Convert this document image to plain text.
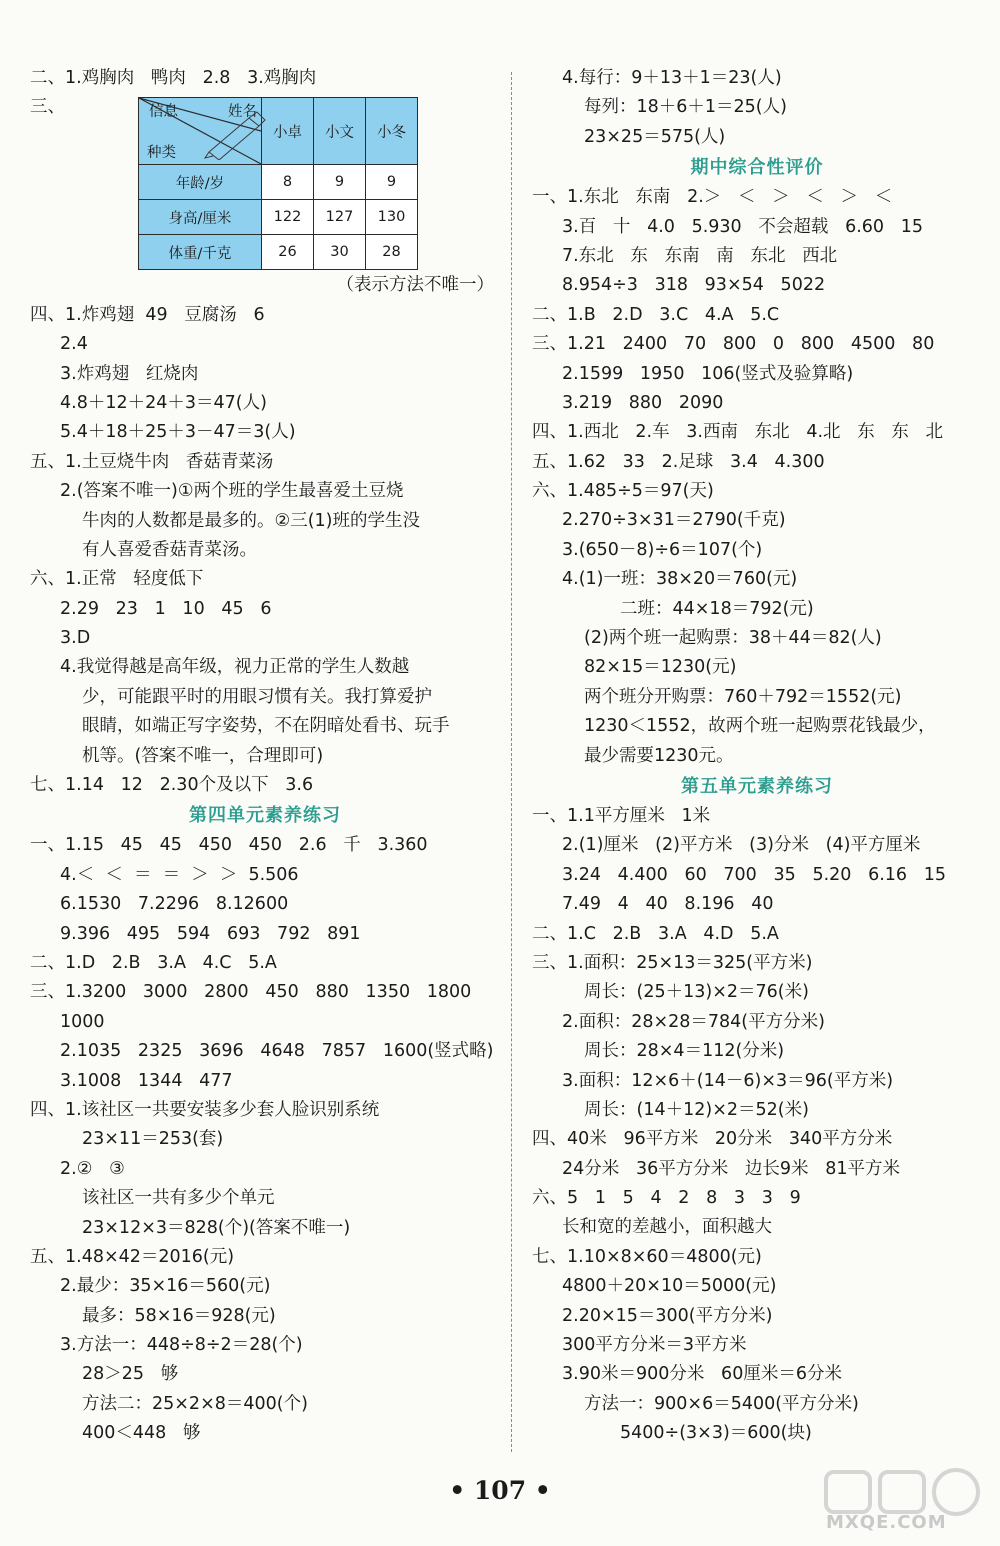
二、1.鸡胸肉   鸭肉   2.8   3.鸡胸肉
三、	信息 姓名
种类	小卓	小文	小冬
年龄/岁	8	9	9
身高/厘米	122	127	130
体重/千克	26	30	28
（表示方法不唯一）
四、1.炸鸡翅  49   豆腐汤   6
2.4
3.炸鸡翅   红烧肉
4.8＋12＋24＋3＝47(人)
5.4＋18＋25＋3－47＝3(人)
五、1.土豆烧牛肉   香菇青菜汤
2.(答案不唯一)①两个班的学生最喜爱土豆烧
牛肉的人数都是最多的。②三(1)班的学生没
有人喜爱香菇青菜汤。
六、1.正常   轻度低下
2.29   23   1   10   45   6
3.D
4.我觉得越是高年级，视力正常的学生人数越
少，可能跟平时的用眼习惯有关。我打算爱护
眼睛，如端正写字姿势，不在阴暗处看书、玩手
机等。(答案不唯一，合理即可)
七、1.14   12   2.30个及以下   3.6
第四单元素养练习
一、1.15   45   45   450   450   2.6   千   3.360
4.＜  ＜  ＝  ＝  ＞  ＞  5.506
6.1530   7.2296   8.12600
9.396   495   594   693   792   891
二、1.D   2.B   3.A   4.C   5.A
三、1.3200   3000   2800   450   880   1350   1800
1000
2.1035   2325   3696   4648   7857   1600(竖式略)
3.1008   1344   477
四、1.该社区一共要安装多少套人脸识别系统
23×11＝253(套)
2.②   ③
该社区一共有多少个单元
23×12×3＝828(个)(答案不唯一)
五、1.48×42＝2016(元)
2.最少：35×16＝560(元)
最多：58×16＝928(元)
3.方法一：448÷8÷2＝28(个)
28＞25   够
方法二：25×2×8＝400(个)
400＜448   够
4.每行：9＋13＋1＝23(人)
每列：18＋6＋1＝25(人)
23×25＝575(人)
期中综合性评价
一、1.东北   东南   2.＞   ＜   ＞   ＜   ＞   ＜
3.百   十   4.0   5.930   不会超载   6.60   15
7.东北   东   东南   南   东北   西北
8.954÷3   318   93×54   5022
二、1.B   2.D   3.C   4.A   5.C
三、1.21   2400   70   800   0   800   4500   80
2.1599   1950   106(竖式及验算略)
3.219   880   2090
四、1.西北   2.车   3.西南   东北   4.北   东   东   北
五、1.62   33   2.足球   3.4   4.300
六、1.485÷5＝97(天)
2.270÷3×31＝2790(千克)
3.(650－8)÷6＝107(个)
4.(1)一班：38×20＝760(元)
二班：44×18＝792(元)
(2)两个班一起购票：38＋44＝82(人)
82×15＝1230(元)
两个班分开购票：760＋792＝1552(元)
1230＜1552，故两个班一起购票花钱最少，
最少需要1230元。
第五单元素养练习
一、1.1平方厘米   1米
2.(1)厘米   (2)平方米   (3)分米   (4)平方厘米
3.24   4.400   60   700   35   5.20   6.16   15
7.49   4   40   8.196   40
二、1.C   2.B   3.A   4.D   5.A
三、1.面积：25×13＝325(平方米)
周长：(25＋13)×2＝76(米)
2.面积：28×28＝784(平方分米)
周长：28×4＝112(分米)
3.面积：12×6＋(14－6)×3＝96(平方米)
周长：(14＋12)×2＝52(米)
四、40米   96平方米   20分米   340平方分米
24分米   36平方分米   边长9米   81平方米
六、5   1   5   4   2   8   3   3   9
长和宽的差越小，面积越大
七、1.10×8×60＝4800(元)
4800＋20×10＝5000(元)
2.20×15＝300(平方分米)
300平方分米＝3平方米
3.90米＝900分米   60厘米＝6分米
方法一：900×6＝5400(平方分米)
5400÷(3×3)＝600(块)
• 107 •
MXQE.COM
